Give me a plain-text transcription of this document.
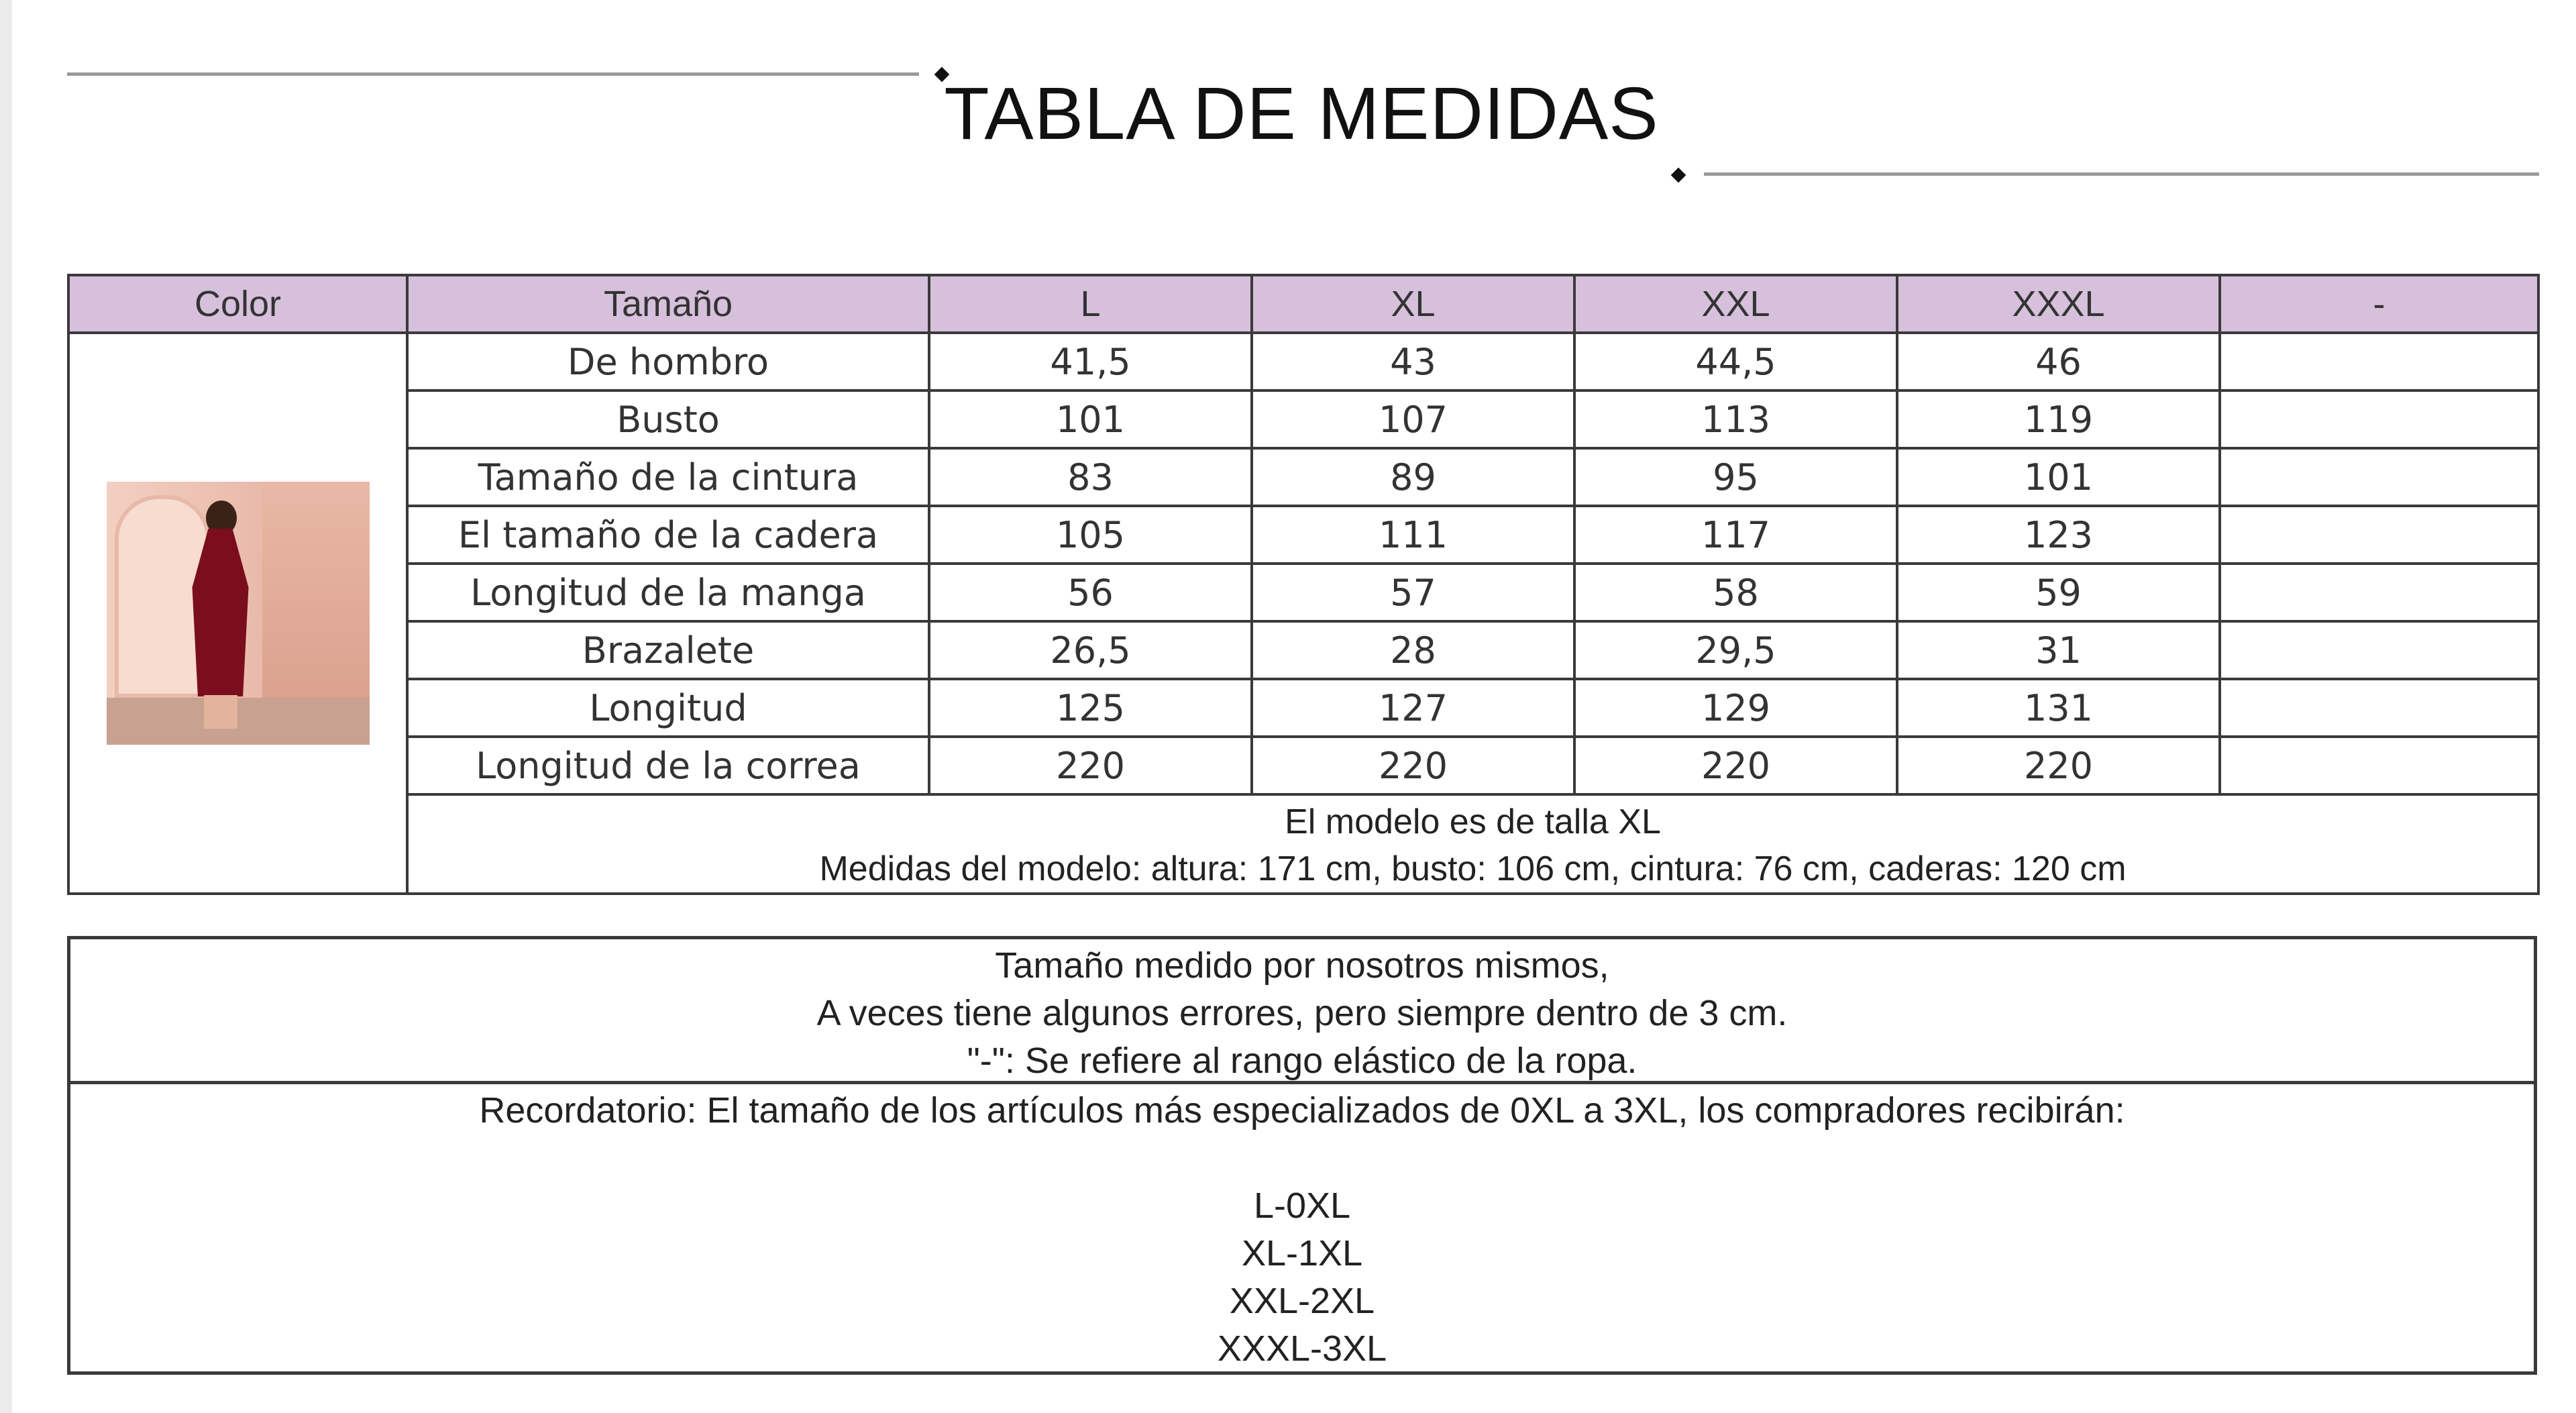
TABLA DE MEDIDAS
Color	Tamaño	L	XL	XXL	XXXL	-

	De hombro	41,5	43	44,5	46	
	Busto	101	107	113	119	
	Tamaño de la cintura	83	89	95	101	
	El tamaño de la cadera	105	111	117	123	
	Longitud de la manga	56	57	58	59	
	Brazalete	26,5	28	29,5	31	
	Longitud	125	127	129	131	
	Longitud de la correa	220	220	220	220	

	El modelo es de talla XL
Medidas del modelo: altura: 171 cm, busto: 106 cm, cintura: 76 cm, caderas: 120 cm					
Tamaño medido por nosotros mismos,
A veces tiene algunos errores, pero siempre dentro de 3 cm.
"-": Se refiere al rango elástico de la ropa.
Recordatorio: El tamaño de los artículos más especializados de 0XL a 3XL, los compradores recibirán:
L-0XL
XL-1XL
XXL-2XL
XXXL-3XL
